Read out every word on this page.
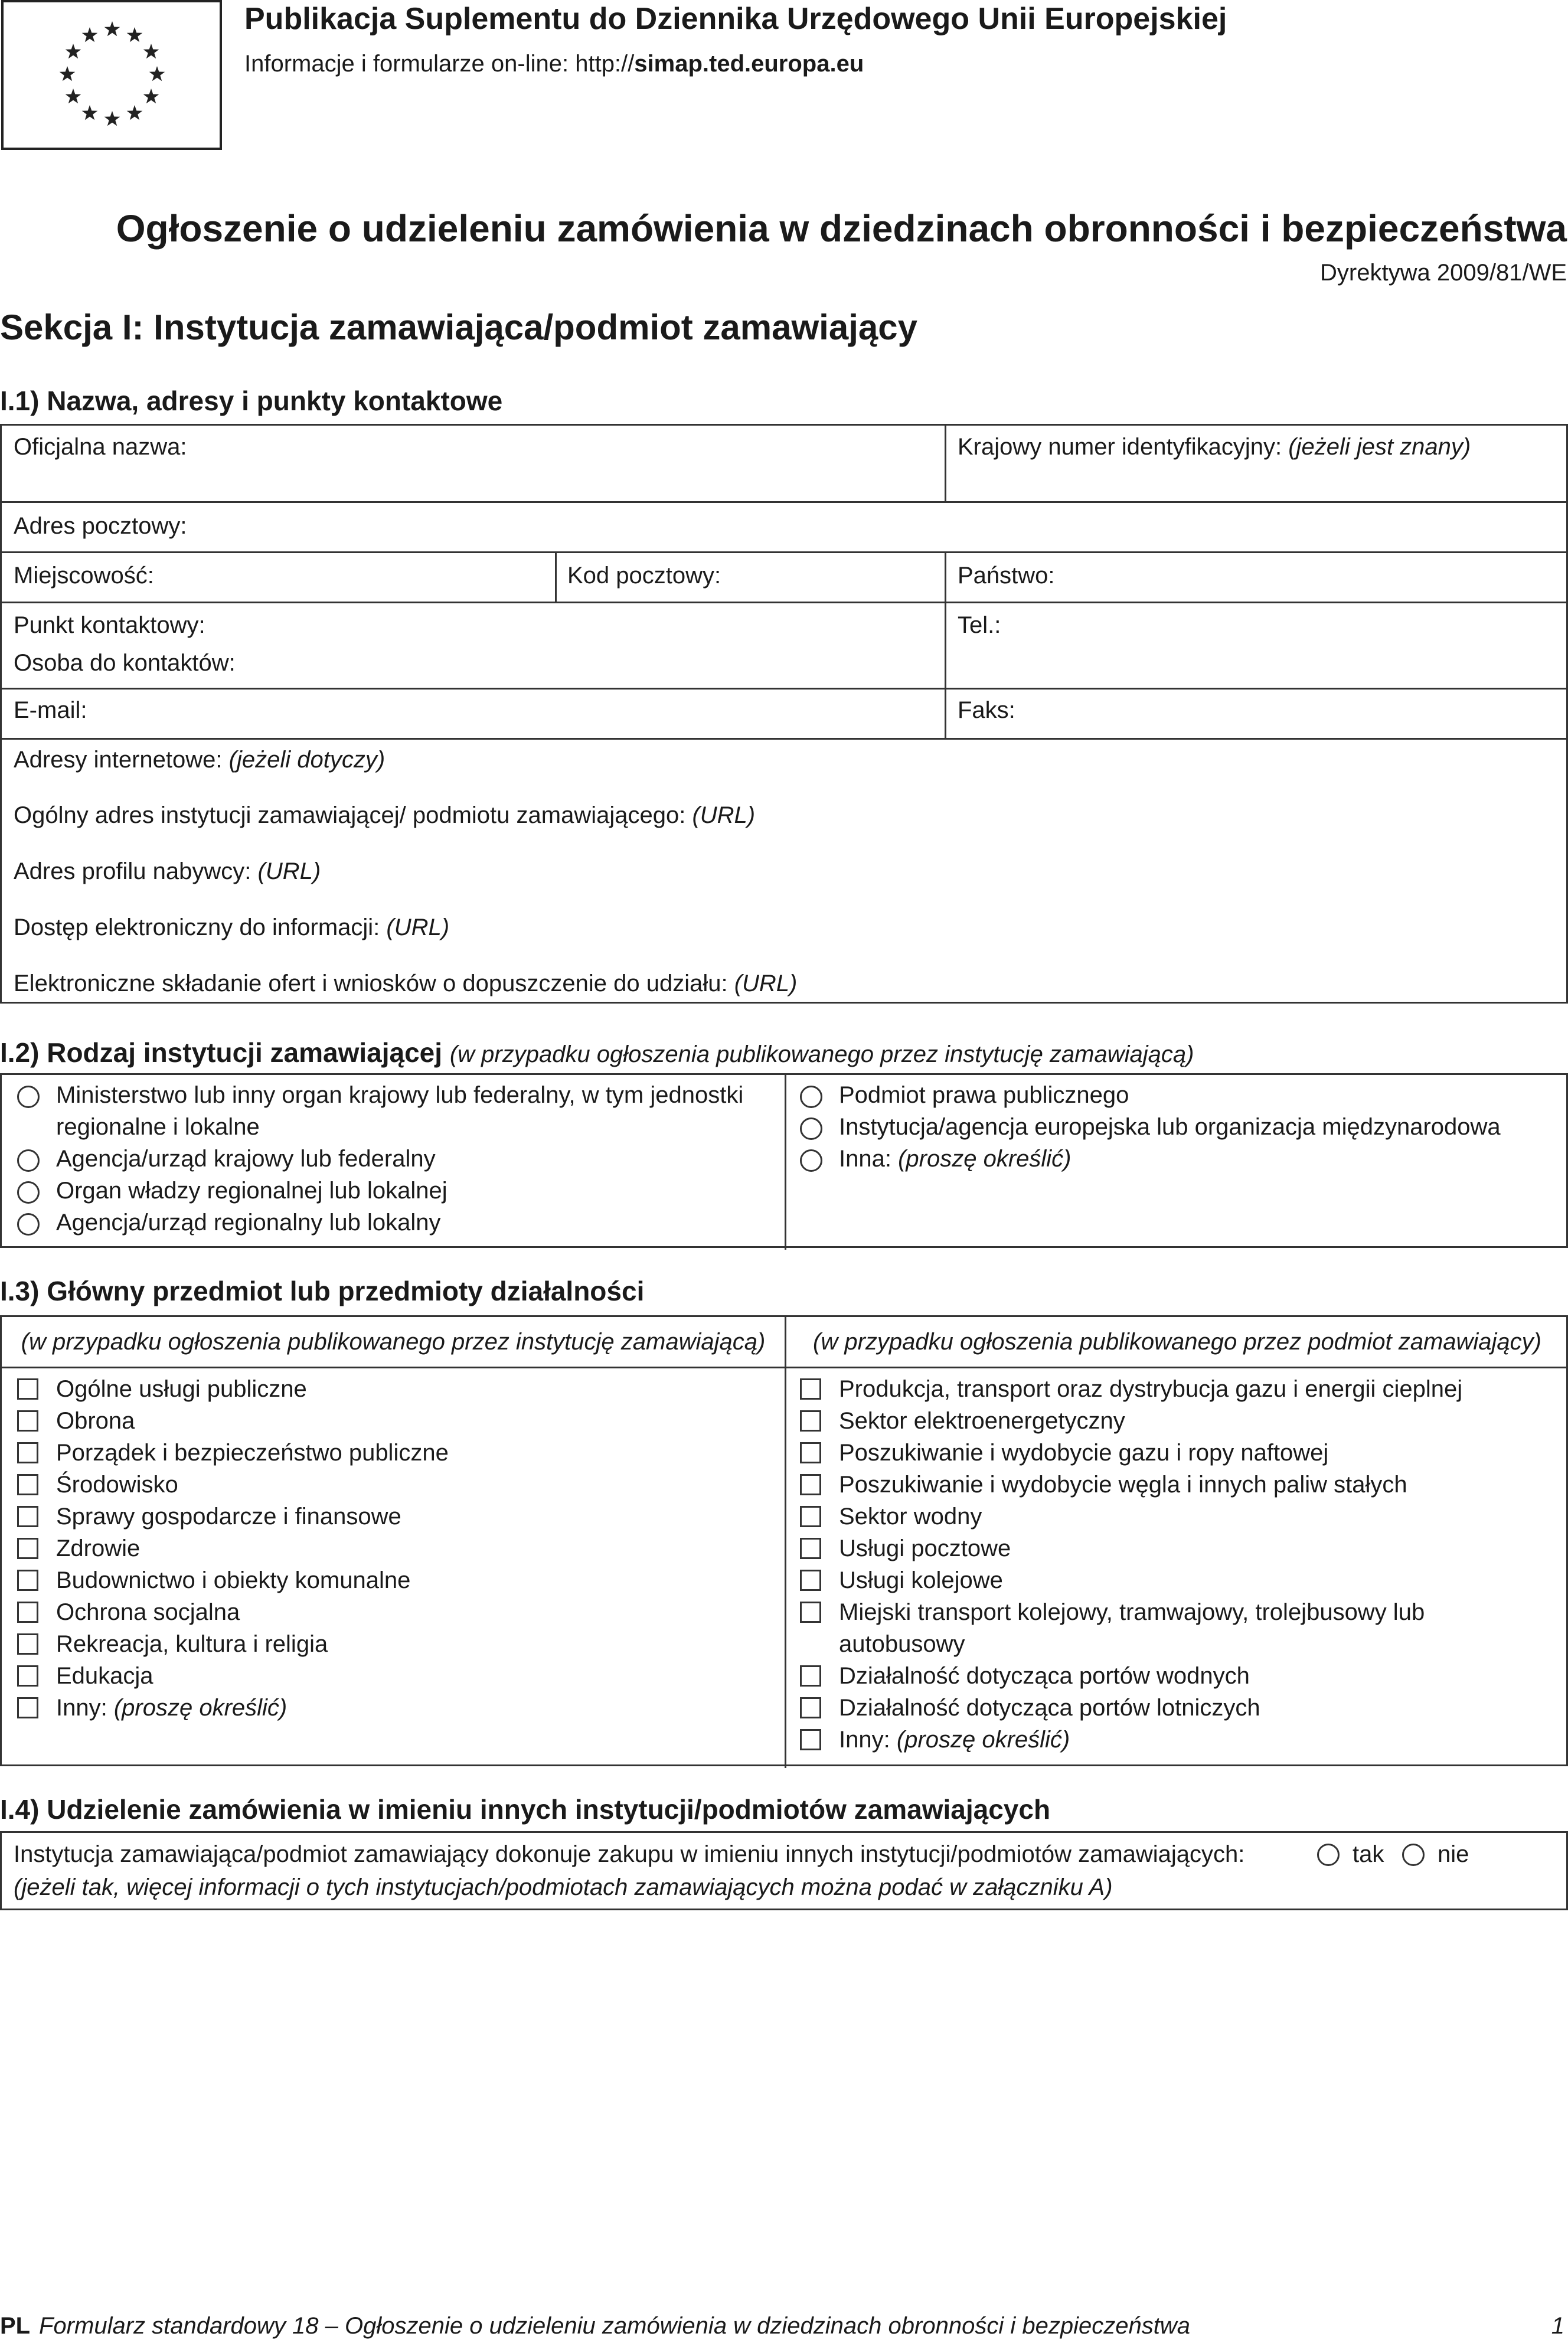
Publikacja Suplementu do Dziennika Urzędowego Unii Europejskiej
Informacje i formularze on-line: http://simap.ted.europa.eu
Ogłoszenie o udzieleniu zamówienia w dziedzinach obronności i bezpieczeństwa
Dyrektywa 2009/81/WE
Sekcja I: Instytucja zamawiająca/podmiot zamawiający
I.1) Nazwa, adresy i punkty kontaktowe
Oficjalna nazwa:	Krajowy numer identyfikacyjny: (jeżeli jest znany)
Adres pocztowy:
Miejscowość:	Kod pocztowy:	Państwo:
Punkt kontaktowy:
Osoba do kontaktów:
Tel.:
E-mail:	Faks:
Adresy internetowe: (jeżeli dotyczy)
Ogólny adres instytucji zamawiającej/ podmiotu zamawiającego: (URL)
Adres profilu nabywcy: (URL)
Dostęp elektroniczny do informacji: (URL)
Elektroniczne składanie ofert i wniosków o dopuszczenie do udziału: (URL)
I.2) Rodzaj instytucji zamawiającej (w przypadku ogłoszenia publikowanego przez instytucję zamawiającą)
Ministerstwo lub inny organ krajowy lub federalny, w tym jednostki
regionalne i lokalne
Agencja/urząd krajowy lub federalny
Organ władzy regionalnej lub lokalnej
Agencja/urząd regionalny lub lokalny
Podmiot prawa publicznego
Instytucja/agencja europejska lub organizacja międzynarodowa
Inna: (proszę określić)
I.3) Główny przedmiot lub przedmioty działalności
(w przypadku ogłoszenia publikowanego przez instytucję zamawiającą)	(w przypadku ogłoszenia publikowanego przez podmiot zamawiający)
Ogólne usługi publiczne
Obrona
Porządek i bezpieczeństwo publiczne
Środowisko
Sprawy gospodarcze i finansowe
Zdrowie
Budownictwo i obiekty komunalne
Ochrona socjalna
Rekreacja, kultura i religia
Edukacja
Inny: (proszę określić)
Produkcja, transport oraz dystrybucja gazu i energii cieplnej
Sektor elektroenergetyczny
Poszukiwanie i wydobycie gazu i ropy naftowej
Poszukiwanie i wydobycie węgla i innych paliw stałych
Sektor wodny
Usługi pocztowe
Usługi kolejowe
Miejski transport kolejowy, tramwajowy, trolejbusowy lub
autobusowy
Działalność dotycząca portów wodnych
Działalność dotycząca portów lotniczych
Inny: (proszę określić)
I.4) Udzielenie zamówienia w imieniu innych instytucji/podmiotów zamawiających
Instytucja zamawiająca/podmiot zamawiający dokonuje zakupu w imieniu innych instytucji/podmiotów zamawiających:	tak nie
(jeżeli tak, więcej informacji o tych instytucjach/podmiotach zamawiających można podać w załączniku A)
PL Formularz standardowy 18 – Ogłoszenie o udzieleniu zamówienia w dziedzinach obronności i bezpieczeństwa	1
